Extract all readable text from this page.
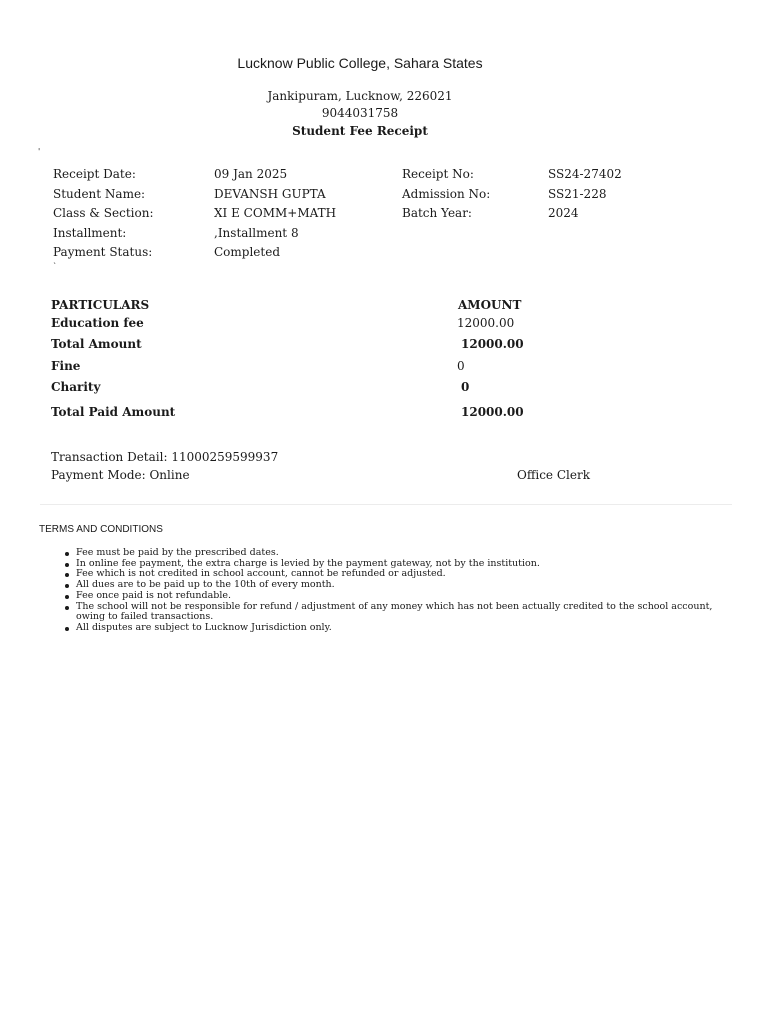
Lucknow Public College, Sahara States
Jankipuram, Lucknow, 226021
9044031758
Student Fee Receipt
'
`
Receipt Date:	09 Jan 2025	Receipt No:	SS24-27402
Student Name:	DEVANSH GUPTA	Admission No:	SS21-228
Class & Section:	XI E COMM+MATH	Batch Year:	2024
Installment:	,Installment 8
Payment Status:	Completed
PARTICULARS	AMOUNT
Education fee	12000.00
Total Amount	12000.00
Fine	0
Charity	0
Total Paid Amount	12000.00
Transaction Detail: 11000259599937
Payment Mode: Online	Office Clerk
TERMS AND CONDITIONS
Fee must be paid by the prescribed dates.
In online fee payment, the extra charge is levied by the payment gateway, not by the institution.
Fee which is not credited in school account, cannot be refunded or adjusted.
All dues are to be paid up to the 10th of every month.
Fee once paid is not refundable.
The school will not be responsible for refund / adjustment of any money which has not been actually credited to the school account, owing to failed transactions.
All disputes are subject to Lucknow Jurisdiction only.
